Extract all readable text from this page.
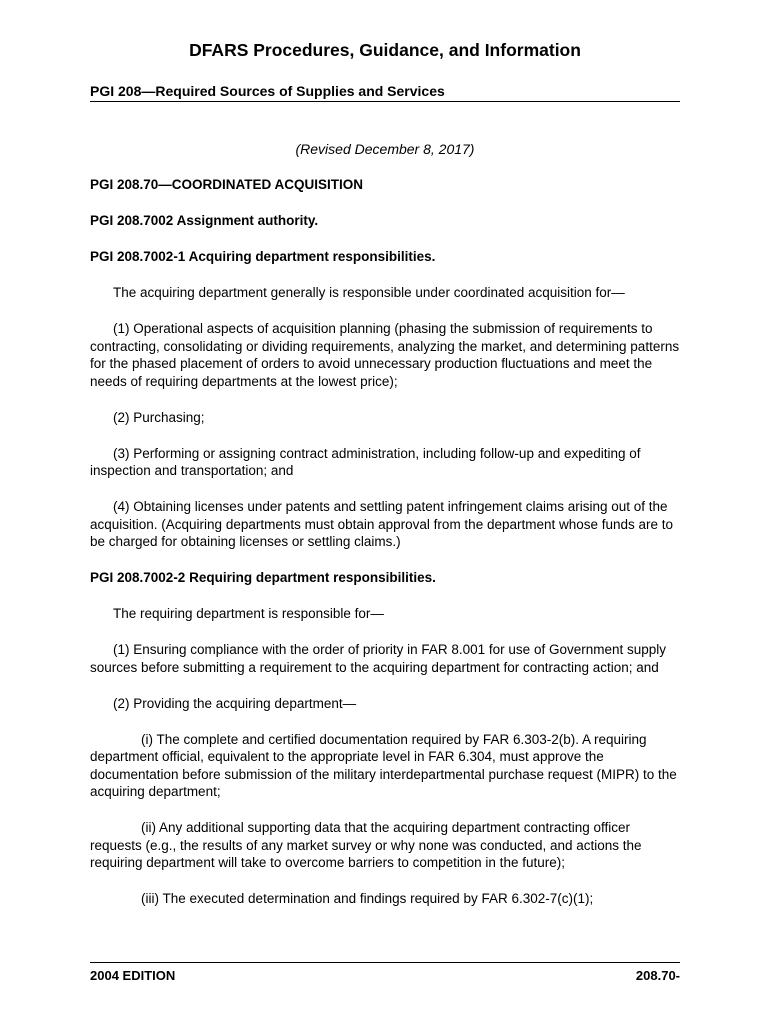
DFARS Procedures, Guidance, and Information
PGI 208—Required Sources of Supplies and Services
(Revised December 8, 2017)

PGI 208.70—COORDINATED ACQUISITION

PGI 208.7002 Assignment authority.

PGI 208.7002-1 Acquiring department responsibilities.

The acquiring department generally is responsible under coordinated acquisition for—

(1) Operational aspects of acquisition planning (phasing the submission of requirements to contracting, consolidating or dividing requirements, analyzing the market, and determining patterns for the phased placement of orders to avoid unnecessary production fluctuations and meet the needs of requiring departments at the lowest price);

(2) Purchasing;

(3) Performing or assigning contract administration, including follow-up and expediting of inspection and transportation; and

(4) Obtaining licenses under patents and settling patent infringement claims arising out of the acquisition. (Acquiring departments must obtain approval from the department whose funds are to be charged for obtaining licenses or settling claims.)

PGI 208.7002-2 Requiring department responsibilities.

The requiring department is responsible for—

(1) Ensuring compliance with the order of priority in FAR 8.001 for use of Government supply sources before submitting a requirement to the acquiring department for contracting action; and

(2) Providing the acquiring department—

(i) The complete and certified documentation required by FAR 6.303-2(b). A requiring department official, equivalent to the appropriate level in FAR 6.304, must approve the documentation before submission of the military interdepartmental purchase request (MIPR) to the acquiring department;

(ii) Any additional supporting data that the acquiring department contracting officer requests (e.g., the results of any market survey or why none was conducted, and actions the requiring department will take to overcome barriers to competition in the future);

(iii) The executed determination and findings required by FAR 6.302-7(c)(1);

2004 EDITION	208.70-
